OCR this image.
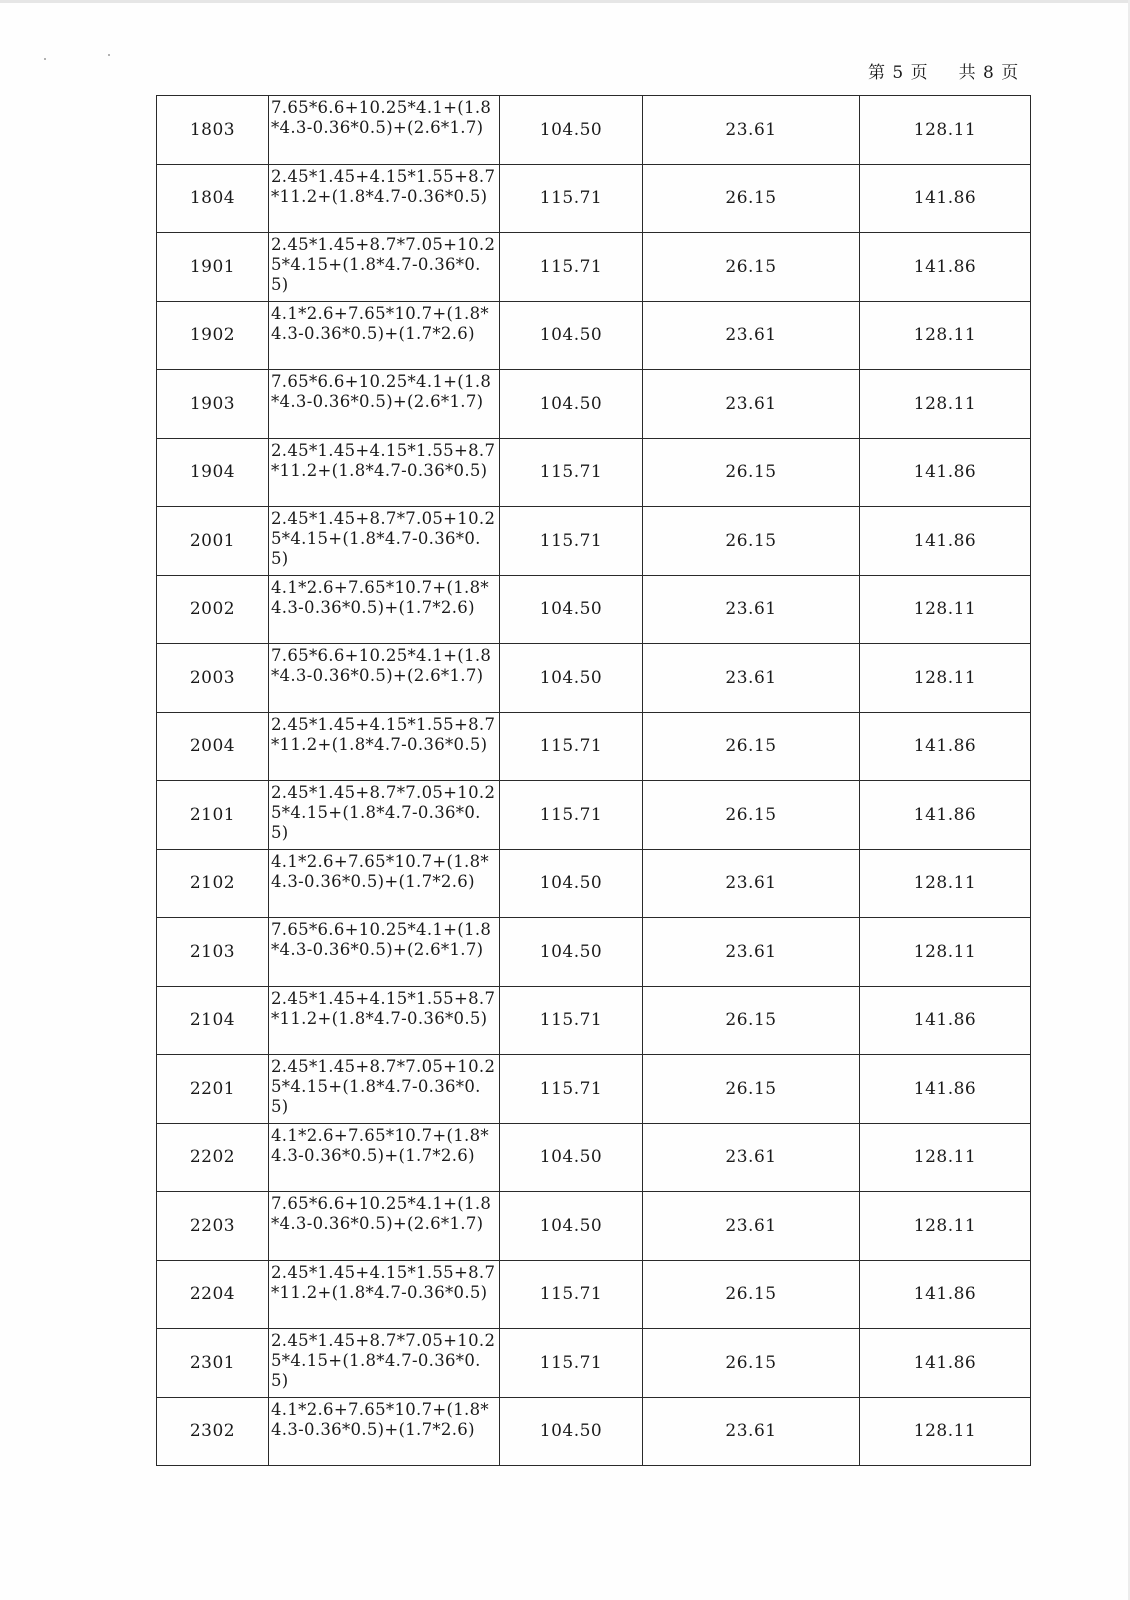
第 5 页 共 8 页
1803	7.65*6.6+10.25*4.1+(1.8*4.3-0.36*0.5)+(2.6*1.7)	104.50	23.61	128.11
1804	2.45*1.45+4.15*1.55+8.7*11.2+(1.8*4.7-0.36*0.5)	115.71	26.15	141.86
1901	2.45*1.45+8.7*7.05+10.25*4.15+(1.8*4.7-0.36*0.5)	115.71	26.15	141.86
1902	4.1*2.6+7.65*10.7+(1.8*4.3-0.36*0.5)+(1.7*2.6)	104.50	23.61	128.11
1903	7.65*6.6+10.25*4.1+(1.8*4.3-0.36*0.5)+(2.6*1.7)	104.50	23.61	128.11
1904	2.45*1.45+4.15*1.55+8.7*11.2+(1.8*4.7-0.36*0.5)	115.71	26.15	141.86
2001	2.45*1.45+8.7*7.05+10.25*4.15+(1.8*4.7-0.36*0.5)	115.71	26.15	141.86
2002	4.1*2.6+7.65*10.7+(1.8*4.3-0.36*0.5)+(1.7*2.6)	104.50	23.61	128.11
2003	7.65*6.6+10.25*4.1+(1.8*4.3-0.36*0.5)+(2.6*1.7)	104.50	23.61	128.11
2004	2.45*1.45+4.15*1.55+8.7*11.2+(1.8*4.7-0.36*0.5)	115.71	26.15	141.86
2101	2.45*1.45+8.7*7.05+10.25*4.15+(1.8*4.7-0.36*0.5)	115.71	26.15	141.86
2102	4.1*2.6+7.65*10.7+(1.8*4.3-0.36*0.5)+(1.7*2.6)	104.50	23.61	128.11
2103	7.65*6.6+10.25*4.1+(1.8*4.3-0.36*0.5)+(2.6*1.7)	104.50	23.61	128.11
2104	2.45*1.45+4.15*1.55+8.7*11.2+(1.8*4.7-0.36*0.5)	115.71	26.15	141.86
2201	2.45*1.45+8.7*7.05+10.25*4.15+(1.8*4.7-0.36*0.5)	115.71	26.15	141.86
2202	4.1*2.6+7.65*10.7+(1.8*4.3-0.36*0.5)+(1.7*2.6)	104.50	23.61	128.11
2203	7.65*6.6+10.25*4.1+(1.8*4.3-0.36*0.5)+(2.6*1.7)	104.50	23.61	128.11
2204	2.45*1.45+4.15*1.55+8.7*11.2+(1.8*4.7-0.36*0.5)	115.71	26.15	141.86
2301	2.45*1.45+8.7*7.05+10.25*4.15+(1.8*4.7-0.36*0.5)	115.71	26.15	141.86
2302	4.1*2.6+7.65*10.7+(1.8*4.3-0.36*0.5)+(1.7*2.6)	104.50	23.61	128.11
